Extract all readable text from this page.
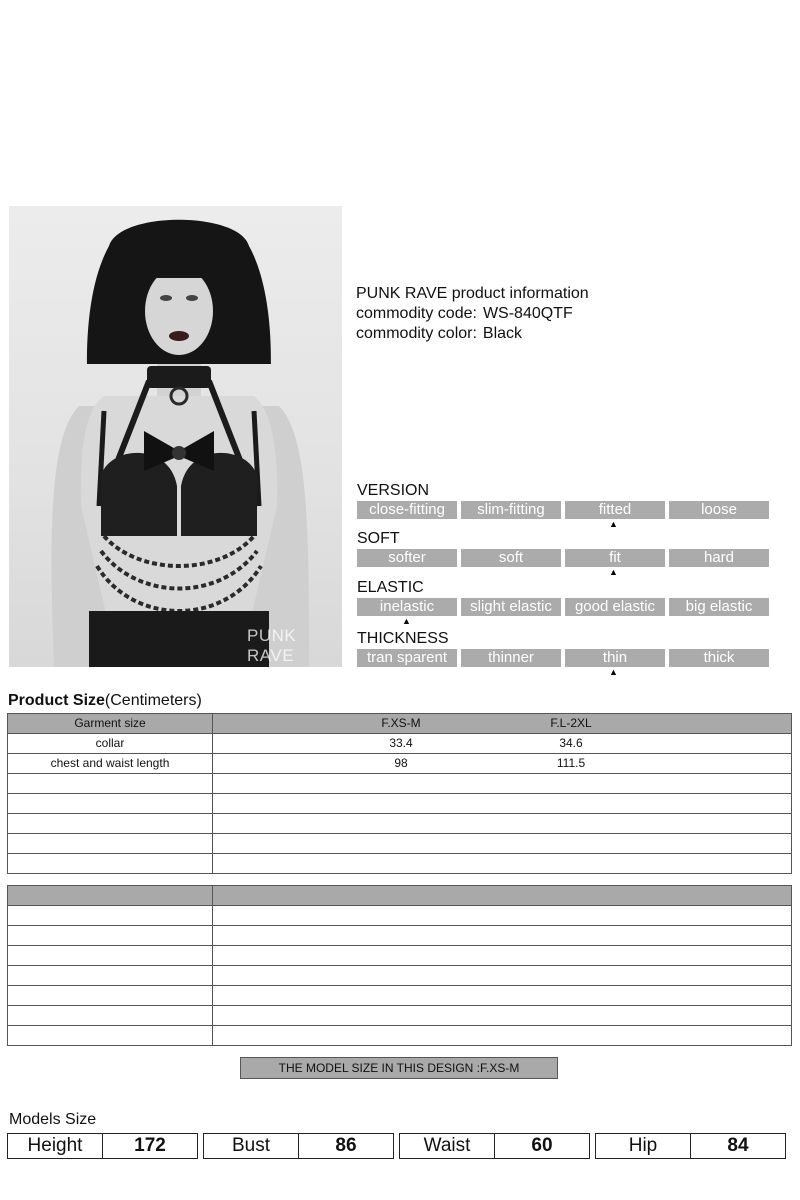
PUNK RAVE
PUNK RAVE product information
commodity code: WS-840QTF
commodity color: Black
VERSION
close-fitting	slim-fitting	fitted	loose
▲
SOFT
softer	soft	fit	hard
▲
ELASTIC
inelastic	slight elastic	good elastic	big elastic
▲
THICKNESS
tran sparent	thinner	thin	thick
▲
Product Size(Centimeters)
Garment size	F.XS-M F.L-2XL

collar	33.4 34.6

chest and waist length	98 111.5

THE MODEL SIZE IN THIS DESIGN :F.XS-M
Models Size
Height	172	Bust	86	Waist	60	Hip	84
